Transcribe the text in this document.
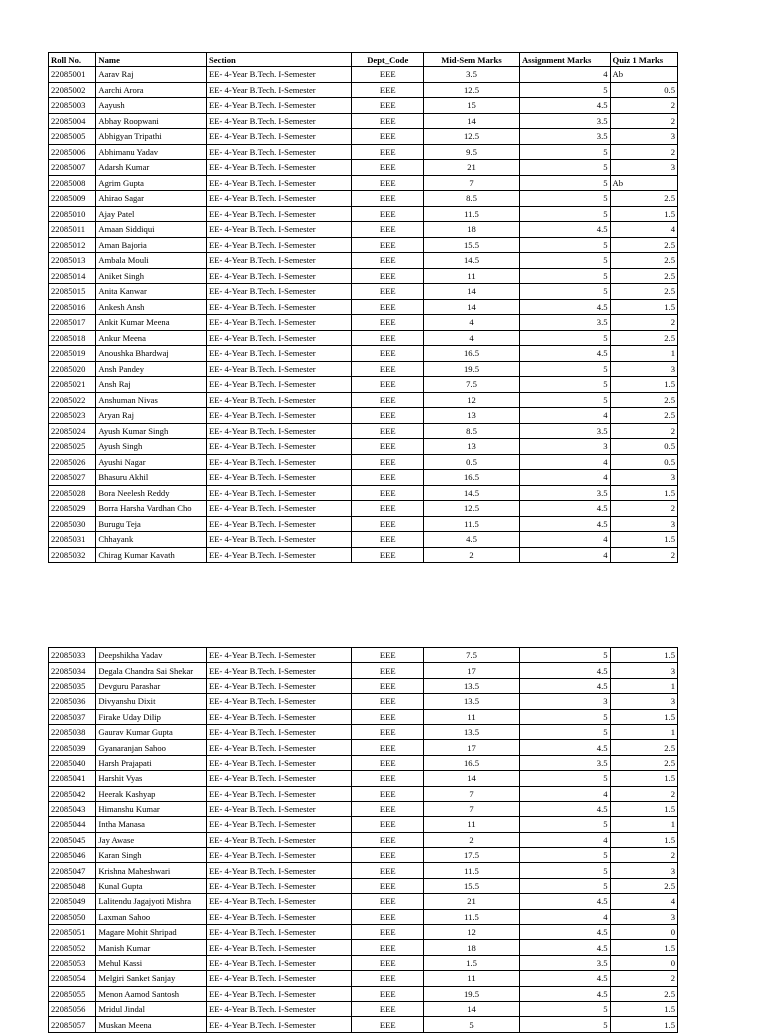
Roll No.	Name	Section	Dept_Code	Mid-Sem Marks	Assignment Marks	Quiz 1 Marks
22085001	Aarav Raj	EE- 4-Year B.Tech. I-Semester	EEE	3.5	4	Ab
22085002	Aarchi Arora	EE- 4-Year B.Tech. I-Semester	EEE	12.5	5	0.5
22085003	Aayush	EE- 4-Year B.Tech. I-Semester	EEE	15	4.5	2
22085004	Abhay Roopwani	EE- 4-Year B.Tech. I-Semester	EEE	14	3.5	2
22085005	Abhigyan Tripathi	EE- 4-Year B.Tech. I-Semester	EEE	12.5	3.5	3
22085006	Abhimanu Yadav	EE- 4-Year B.Tech. I-Semester	EEE	9.5	5	2
22085007	Adarsh Kumar	EE- 4-Year B.Tech. I-Semester	EEE	21	5	3
22085008	Agrim Gupta	EE- 4-Year B.Tech. I-Semester	EEE	7	5	Ab
22085009	Ahiraо Sagar	EE- 4-Year B.Tech. I-Semester	EEE	8.5	5	2.5
22085010	Ajay Patel	EE- 4-Year B.Tech. I-Semester	EEE	11.5	5	1.5
22085011	Amaan Siddiqui	EE- 4-Year B.Tech. I-Semester	EEE	18	4.5	4
22085012	Aman Bajoria	EE- 4-Year B.Tech. I-Semester	EEE	15.5	5	2.5
22085013	Ambala Mouli	EE- 4-Year B.Tech. I-Semester	EEE	14.5	5	2.5
22085014	Aniket Singh	EE- 4-Year B.Tech. I-Semester	EEE	11	5	2.5
22085015	Anita Kanwar	EE- 4-Year B.Tech. I-Semester	EEE	14	5	2.5
22085016	Ankesh Ansh	EE- 4-Year B.Tech. I-Semester	EEE	14	4.5	1.5
22085017	Ankit Kumar Meena	EE- 4-Year B.Tech. I-Semester	EEE	4	3.5	2
22085018	Ankur Meena	EE- 4-Year B.Tech. I-Semester	EEE	4	5	2.5
22085019	Anoushka Bhardwaj	EE- 4-Year B.Tech. I-Semester	EEE	16.5	4.5	1
22085020	Ansh Pandey	EE- 4-Year B.Tech. I-Semester	EEE	19.5	5	3
22085021	Ansh Raj	EE- 4-Year B.Tech. I-Semester	EEE	7.5	5	1.5
22085022	Anshuman Nivas	EE- 4-Year B.Tech. I-Semester	EEE	12	5	2.5
22085023	Aryan Raj	EE- 4-Year B.Tech. I-Semester	EEE	13	4	2.5
22085024	Ayush Kumar Singh	EE- 4-Year B.Tech. I-Semester	EEE	8.5	3.5	2
22085025	Ayush Singh	EE- 4-Year B.Tech. I-Semester	EEE	13	3	0.5
22085026	Ayushi Nagar	EE- 4-Year B.Tech. I-Semester	EEE	0.5	4	0.5
22085027	Bhasuru Akhil	EE- 4-Year B.Tech. I-Semester	EEE	16.5	4	3
22085028	Bora Neelesh Reddy	EE- 4-Year B.Tech. I-Semester	EEE	14.5	3.5	1.5
22085029	Borra Harsha Vardhan Cho	EE- 4-Year B.Tech. I-Semester	EEE	12.5	4.5	2
22085030	Burugu Teja	EE- 4-Year B.Tech. I-Semester	EEE	11.5	4.5	3
22085031	Chhayank	EE- 4-Year B.Tech. I-Semester	EEE	4.5	4	1.5
22085032	Chirag Kumar Kavath	EE- 4-Year B.Tech. I-Semester	EEE	2	4	2
22085033	Deepshikha Yadav	EE- 4-Year B.Tech. I-Semester	EEE	7.5	5	1.5
22085034	Degala Chandra Sai Shekar	EE- 4-Year B.Tech. I-Semester	EEE	17	4.5	3
22085035	Devguru Parashar	EE- 4-Year B.Tech. I-Semester	EEE	13.5	4.5	1
22085036	Divyanshu Dixit	EE- 4-Year B.Tech. I-Semester	EEE	13.5	3	3
22085037	Firake Uday Dilip	EE- 4-Year B.Tech. I-Semester	EEE	11	5	1.5
22085038	Gaurav Kumar Gupta	EE- 4-Year B.Tech. I-Semester	EEE	13.5	5	1
22085039	Gyanaranjan Sahoo	EE- 4-Year B.Tech. I-Semester	EEE	17	4.5	2.5
22085040	Harsh Prajapati	EE- 4-Year B.Tech. I-Semester	EEE	16.5	3.5	2.5
22085041	Harshit Vyas	EE- 4-Year B.Tech. I-Semester	EEE	14	5	1.5
22085042	Heerak Kashyap	EE- 4-Year B.Tech. I-Semester	EEE	7	4	2
22085043	Himanshu Kumar	EE- 4-Year B.Tech. I-Semester	EEE	7	4.5	1.5
22085044	Intha Manasa	EE- 4-Year B.Tech. I-Semester	EEE	11	5	1
22085045	Jay Awase	EE- 4-Year B.Tech. I-Semester	EEE	2	4	1.5
22085046	Karan Singh	EE- 4-Year B.Tech. I-Semester	EEE	17.5	5	2
22085047	Krishna Maheshwari	EE- 4-Year B.Tech. I-Semester	EEE	11.5	5	3
22085048	Kunal Gupta	EE- 4-Year B.Tech. I-Semester	EEE	15.5	5	2.5
22085049	Lalitendu Jagajyoti Mishra	EE- 4-Year B.Tech. I-Semester	EEE	21	4.5	4
22085050	Laxman Sahoo	EE- 4-Year B.Tech. I-Semester	EEE	11.5	4	3
22085051	Magare Mohit Shripad	EE- 4-Year B.Tech. I-Semester	EEE	12	4.5	0
22085052	Manish Kumar	EE- 4-Year B.Tech. I-Semester	EEE	18	4.5	1.5
22085053	Mehul Kassi	EE- 4-Year B.Tech. I-Semester	EEE	1.5	3.5	0
22085054	Melgiri Sanket Sanjay	EE- 4-Year B.Tech. I-Semester	EEE	11	4.5	2
22085055	Menon Aamod Santosh	EE- 4-Year B.Tech. I-Semester	EEE	19.5	4.5	2.5
22085056	Mridul Jindal	EE- 4-Year B.Tech. I-Semester	EEE	14	5	1.5
22085057	Muskan Meena	EE- 4-Year B.Tech. I-Semester	EEE	5	5	1.5
